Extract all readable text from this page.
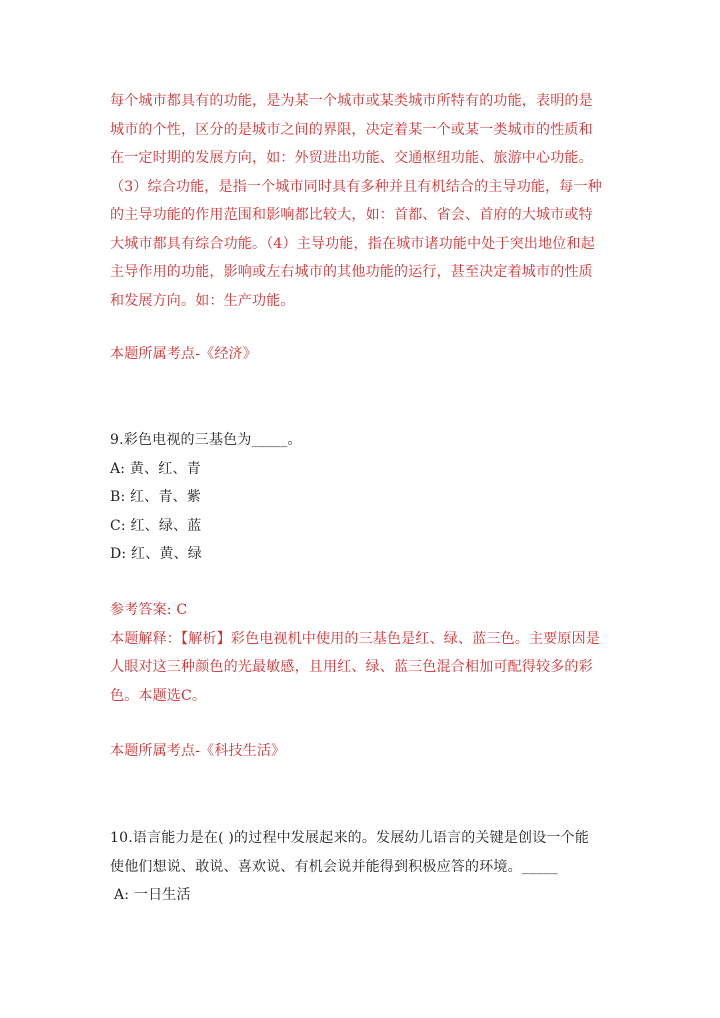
每个城市都具有的功能，是为某一个城市或某类城市所特有的功能，表明的是
城市的个性，区分的是城市之间的界限，决定着某一个或某一类城市的性质和
在一定时期的发展方向，如：外贸进出功能、交通枢纽功能、旅游中心功能。
（3）综合功能，是指一个城市同时具有多种并且有机结合的主导功能，每一种
的主导功能的作用范围和影响都比较大，如：首都、省会、首府的大城市或特
大城市都具有综合功能。（4）主导功能，指在城市诸功能中处于突出地位和起
主导作用的功能，影响或左右城市的其他功能的运行，甚至决定着城市的性质
和发展方向。如：生产功能。
本题所属考点-《经济》
9.彩色电视的三基色为_____。
A: 黄、红、青
B: 红、青、紫
C: 红、绿、蓝
D: 红、黄、绿
参考答案: C
本题解释：【解析】彩色电视机中使用的三基色是红、绿、蓝三色。主要原因是
人眼对这三种颜色的光最敏感，且用红、绿、蓝三色混合相加可配得较多的彩
色。本题选C。
本题所属考点-《科技生活》
10.语言能力是在( )的过程中发展起来的。发展幼儿语言的关键是创设一个能
使他们想说、敢说、喜欢说、有机会说并能得到积极应答的环境。_____
A: 一日生活
